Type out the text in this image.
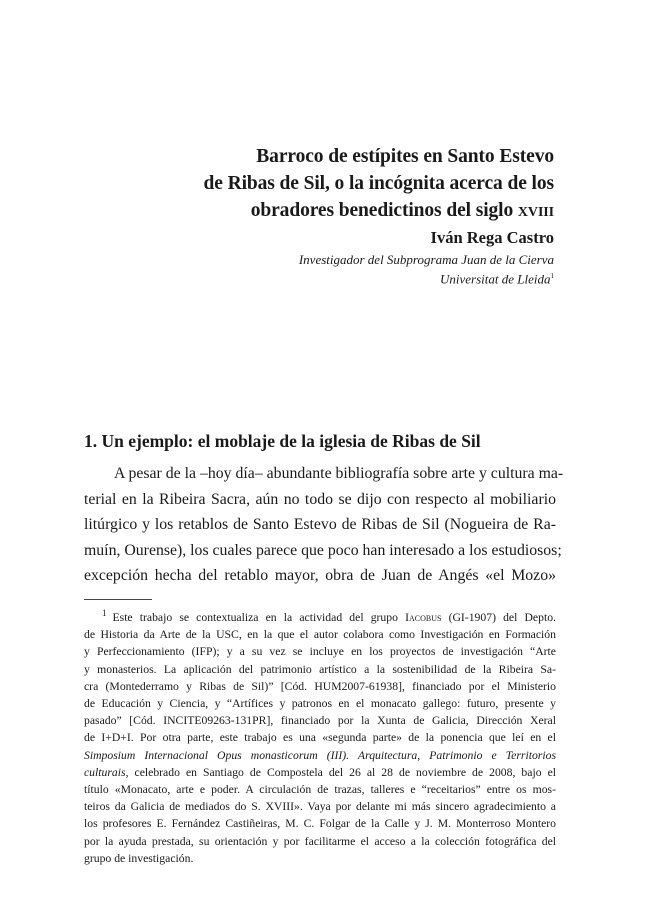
Barroco de estípites en Santo Estevo
de Ribas de Sil, o la incógnita acerca de los
obradores benedictinos del siglo xviii
Iván Rega Castro
Investigador del Subprograma Juan de la Cierva
Universitat de Lleida$^1$
1. Un ejemplo: el moblaje de la iglesia de Ribas de Sil
A pesar de la –hoy día– abundante bibliografía sobre arte y cultura ma-
terial en la Ribeira Sacra, aún no todo se dijo con respecto al mobiliario
litúrgico y los retablos de Santo Estevo de Ribas de Sil (Nogueira de Ra-
muín, Ourense), los cuales parece que poco han interesado a los estudiosos;
excepción hecha del retablo mayor, obra de Juan de Angés «el Mozo»
$^1$ Este trabajo se contextualiza en la actividad del grupo Iacobus (GI-1907) del Depto.
de Historia da Arte de la USC, en la que el autor colabora como Investigación en Formación
y Perfeccionamiento (IFP); y a su vez se incluye en los proyectos de investigación “Arte
y monasterios. La aplicación del patrimonio artístico a la sostenibilidad de la Ribeira Sa-
cra (Montederramo y Ribas de Sil)” [Cód. HUM2007-61938], financiado por el Ministerio
de Educación y Ciencia, y “Artífices y patronos en el monacato gallego: futuro, presente y
pasado” [Cód. INCITE09263-131PR], financiado por la Xunta de Galicia, Dirección Xeral
de I+D+I. Por otra parte, este trabajo es una «segunda parte» de la ponencia que leí en el
Simposium Internacional Opus monasticorum (III). Arquitectura, Patrimonio e Territorios
culturais, celebrado en Santiago de Compostela del 26 al 28 de noviembre de 2008, bajo el
título «Monacato, arte e poder. A circulación de trazas, talleres e “receitarios” entre os mos-
teiros da Galicia de mediados do S. XVIII». Vaya por delante mi más sincero agradecimiento a
los profesores E. Fernández Castiñeiras, M. C. Folgar de la Calle y J. M. Monterroso Montero
por la ayuda prestada, su orientación y por facilitarme el acceso a la colección fotográfica del
grupo de investigación.
